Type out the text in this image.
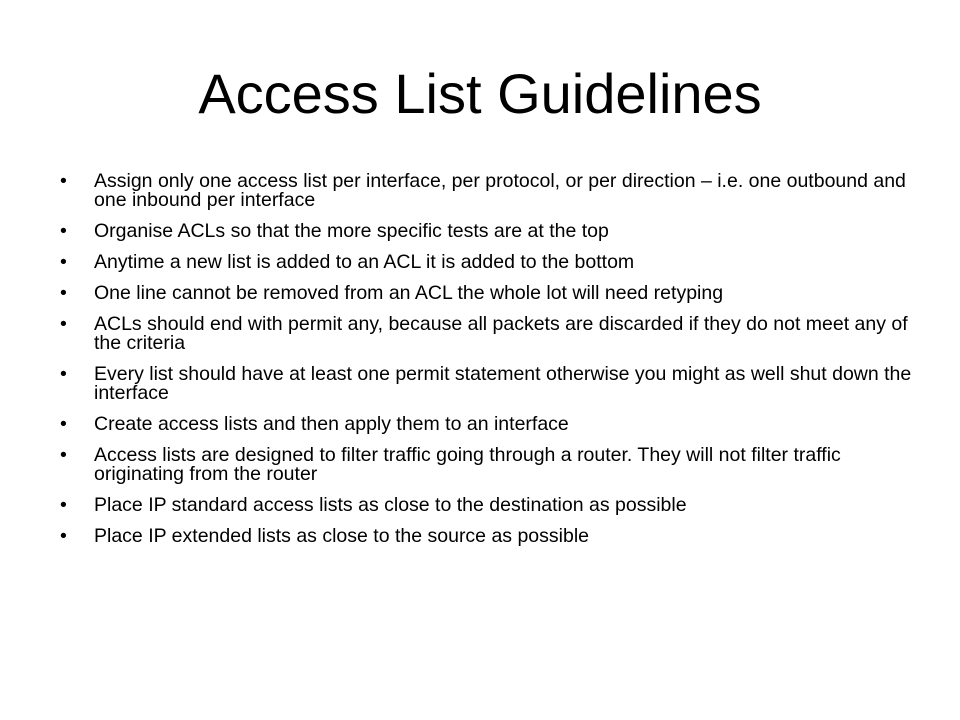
Access List Guidelines
• Assign only one access list per interface, per protocol, or per direction – i.e. one outbound and one inbound per interface
• Organise ACLs so that the more specific tests are at the top
• Anytime a new list is added to an ACL it is added to the bottom
• One line cannot be removed from an ACL the whole lot will need retyping
• ACLs should end with permit any, because all packets are discarded if they do not meet any of the criteria
• Every list should have at least one permit statement otherwise you might as well shut down the interface
• Create access lists and then apply them to an interface
• Access lists are designed to filter traffic going through a router. They will not filter traffic originating from the router
• Place IP standard access lists as close to the destination as possible
• Place IP extended lists as close to the source as possible
